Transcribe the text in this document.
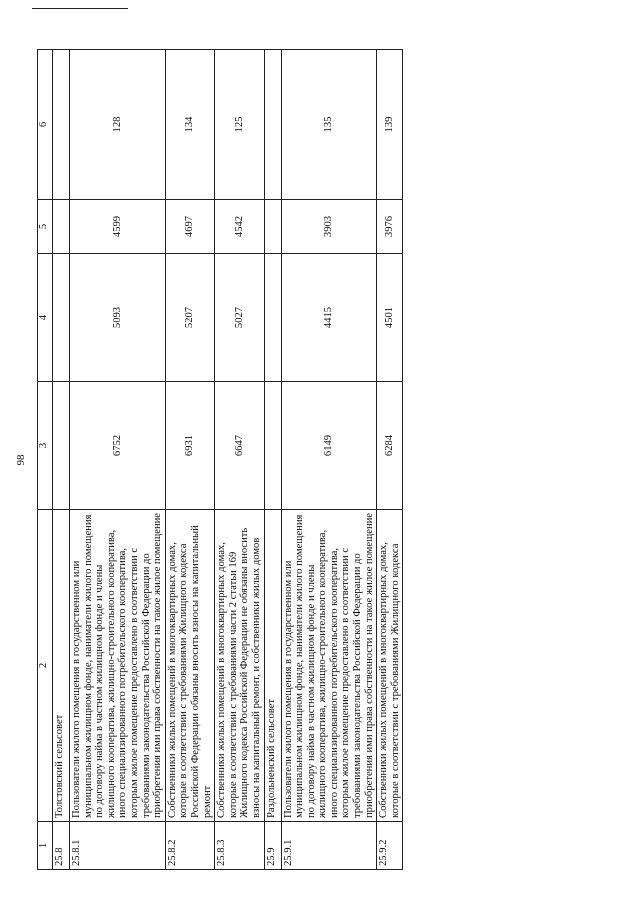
98
1	2	3	4	5	6
25.8	Толстовский сельсовет				
25.8.1	Пользователи жилого помещения в государственном или муниципальном жилищном фонде, наниматели жилого помещения по договору найма в частном жилищном фонде и члены жилищного кооператива, жилищно-строительного кооператива, иного специализированного потребительского кооператива, которым жилое помещение предоставлено в соответствии с требованиями законодательства Российской Федерации до приобретения ими права собственности на такое жилое помещение	6752	5093	4599	128
25.8.2	Собственники жилых помещений в многоквартирных домах, которые в соответствии с требованиями Жилищного кодекса Российской Федерации обязаны вносить взносы на капитальный ремонт	6931	5207	4697	134
25.8.3	Собственники жилых помещений в многоквартирных домах, которые в соответствии с требованиями части 2 статьи 169 Жилищного кодекса Российской Федерации не обязаны вносить взносы на капитальный ремонт, и собственники жилых домов	6647	5027	4542	125
25.9	Раздольненский сельсовет				
25.9.1	Пользователи жилого помещения в государственном или муниципальном жилищном фонде, наниматели жилого помещения по договору найма в частном жилищном фонде и члены жилищного кооператива, жилищно-строительного кооператива, иного специализированного потребительского кооператива, которым жилое помещение предоставлено в соответствии с требованиями законодательства Российской Федерации до приобретения ими права собственности на такое жилое помещение	6149	4415	3903	135
25.9.2	Собственники жилых помещений в многоквартирных домах, которые в соответствии с требованиями Жилищного кодекса	6284	4501	3976	139
